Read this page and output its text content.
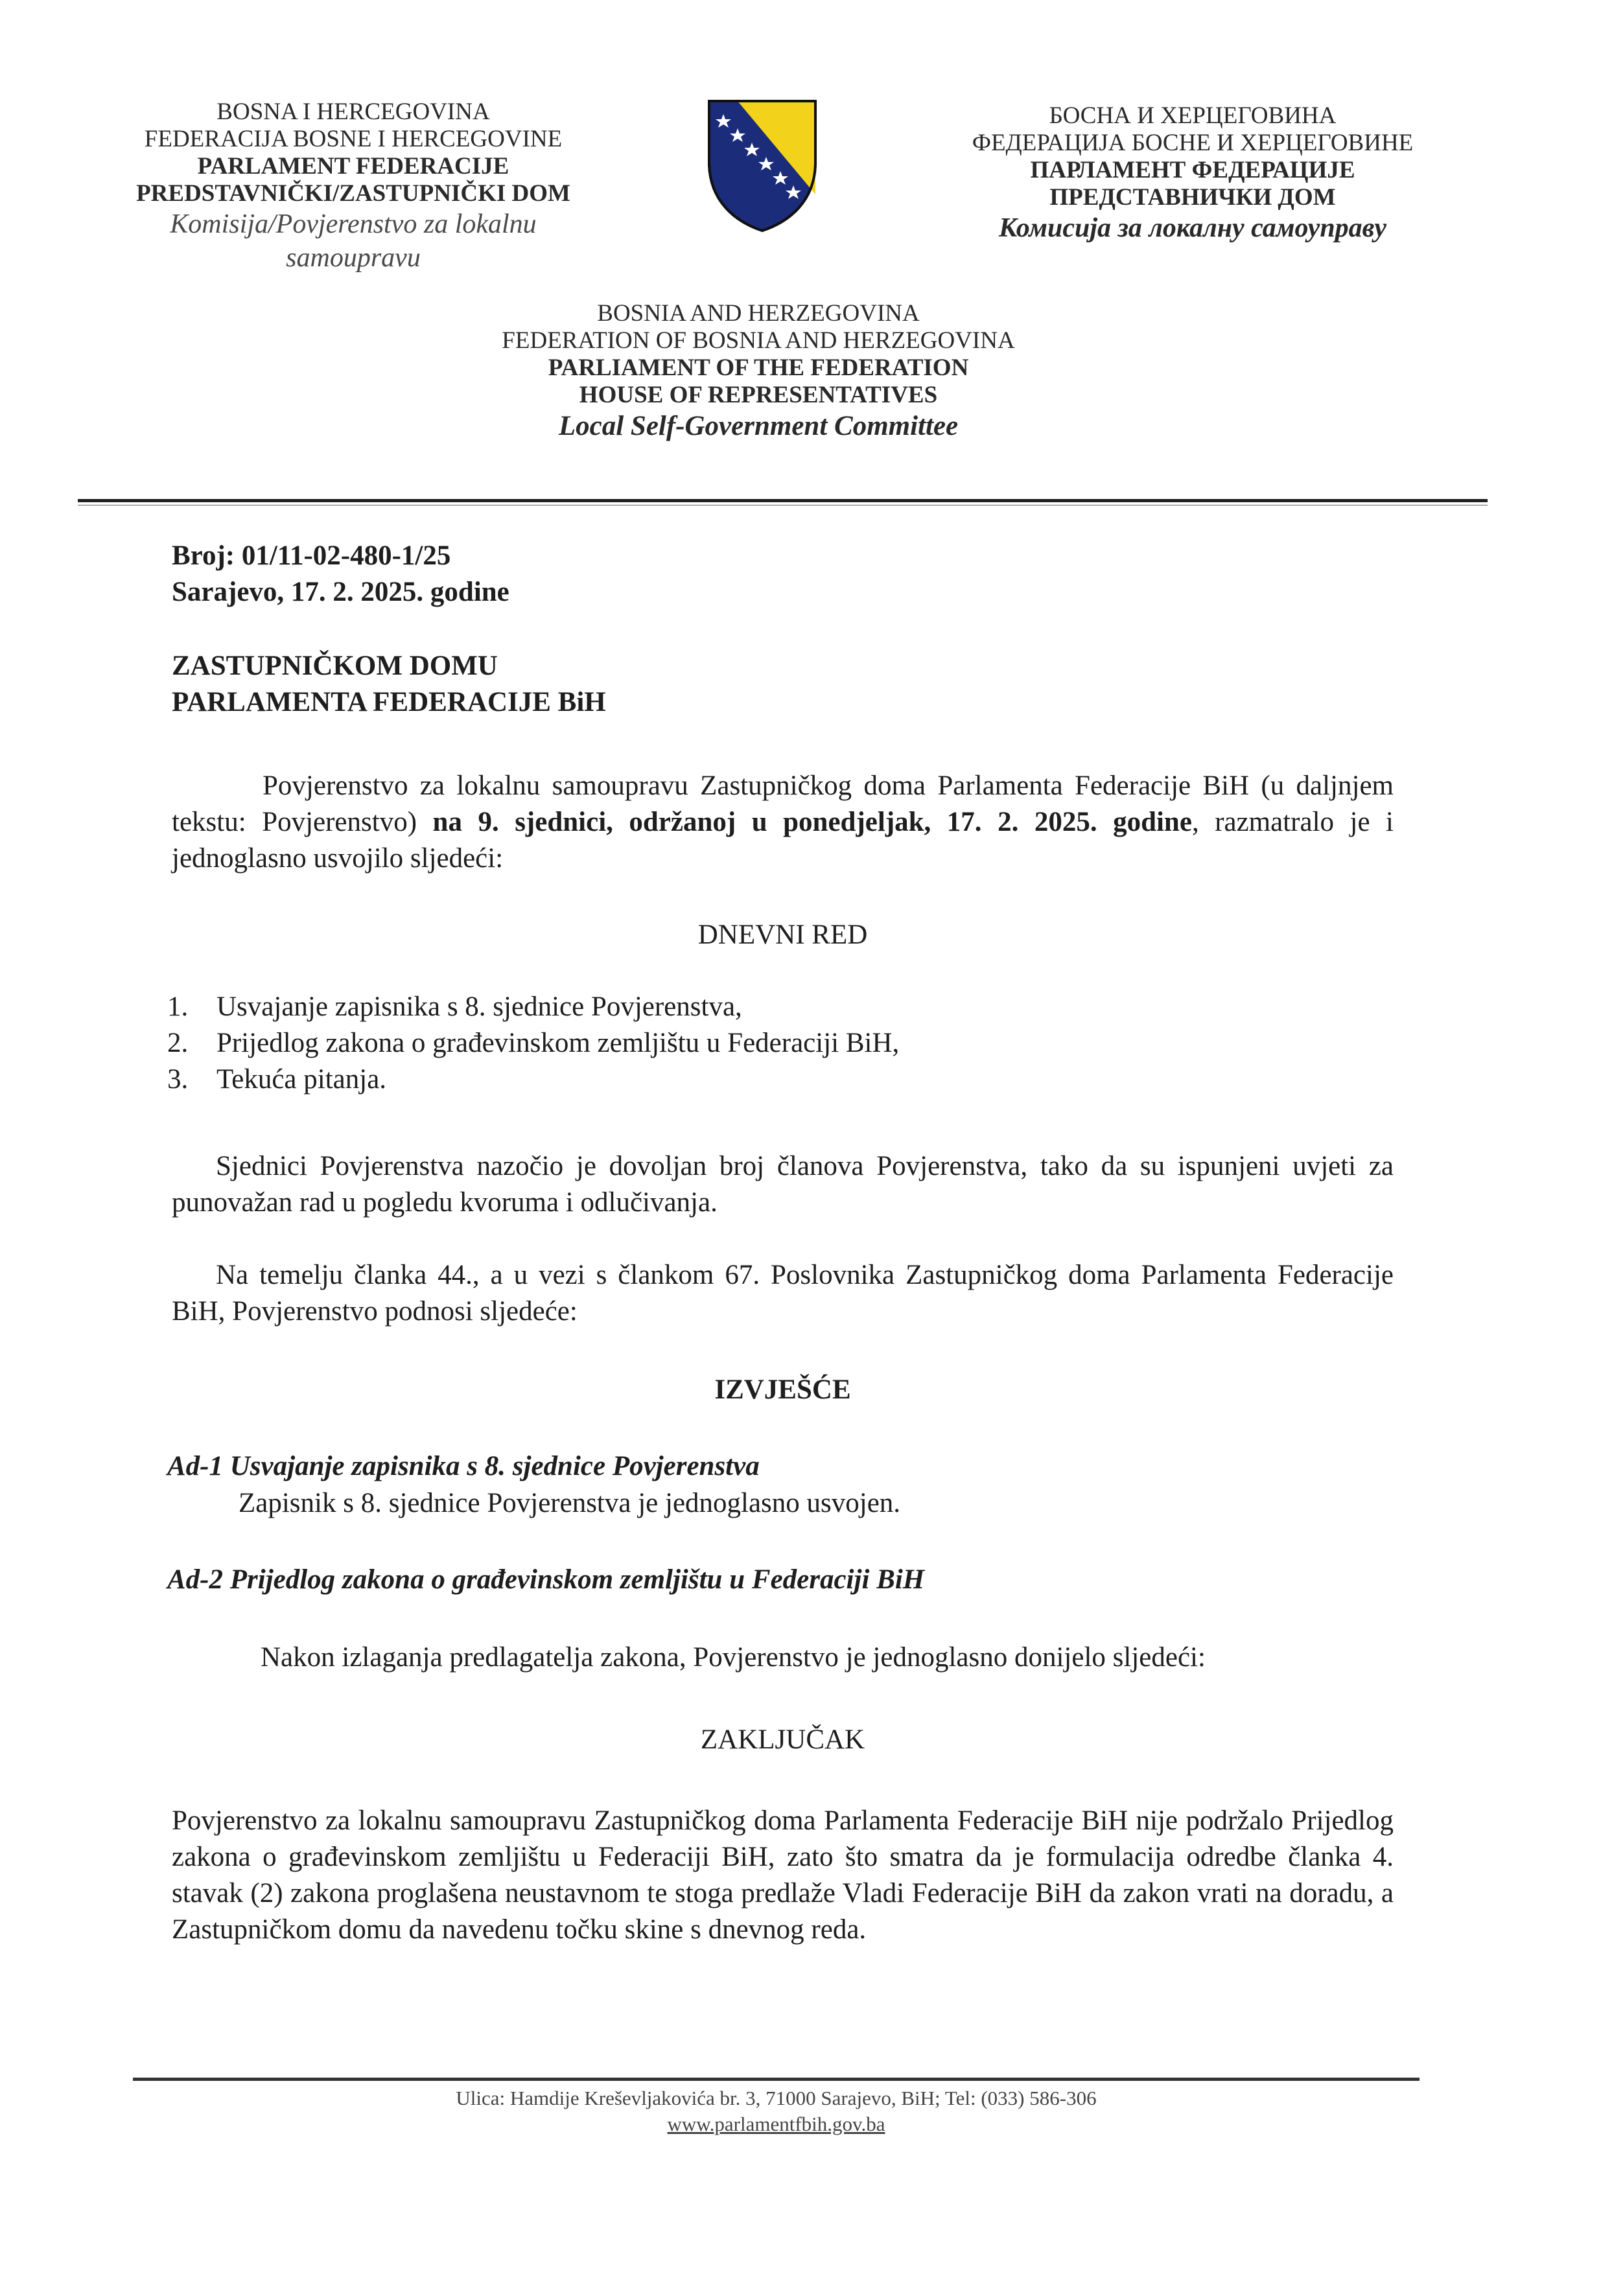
BOSNA I HERCEGOVINA
FEDERACIJA BOSNE I HERCEGOVINE
PARLAMENT FEDERACIJE
PREDSTAVNIČKI/ZASTUPNIČKI DOM
Komisija/Povjerenstvo za lokalnu
samoupravu
БОСНА И ХЕРЦЕГОВИНА
ФЕДЕРАЦИЈА БОСНЕ И ХЕРЦЕГОВИНЕ
ПАРЛАМЕНТ ФЕДЕРАЦИЈЕ
ПРЕДСТАВНИЧКИ ДОМ
Комисија за локалну самоуправу
BOSNIA AND HERZEGOVINA
FEDERATION OF BOSNIA AND HERZEGOVINA
PARLIAMENT OF THE FEDERATION
HOUSE OF REPRESENTATIVES
Local Self-Government Committee
Broj: 01/11-02-480-1/25
Sarajevo, 17. 2. 2025. godine
ZASTUPNIČKOM DOMU
PARLAMENTA FEDERACIJE BiH
Povjerenstvo za lokalnu samoupravu Zastupničkog doma Parlamenta Federacije BiH (u daljnjem tekstu: Povjerenstvo) na 9. sjednici, održanoj u ponedjeljak, 17. 2. 2025. godine, razmatralo je i jednoglasno usvojilo sljedeći:
DNEVNI RED
1.	Usvajanje zapisnika s 8. sjednice Povjerenstva,
2.	Prijedlog zakona o građevinskom zemljištu u Federaciji BiH,
3.	Tekuća pitanja.
Sjednici Povjerenstva nazočio je dovoljan broj članova Povjerenstva, tako da su ispunjeni uvjeti za punovažan rad u pogledu kvoruma i odlučivanja.
Na temelju članka 44., a u vezi s člankom 67. Poslovnika Zastupničkog doma Parlamenta Federacije BiH, Povjerenstvo podnosi sljedeće:
IZVJEŠĆE
Ad-1 Usvajanje zapisnika s 8. sjednice Povjerenstva
Zapisnik s 8. sjednice Povjerenstva je jednoglasno usvojen.
Ad-2 Prijedlog zakona o građevinskom zemljištu u Federaciji BiH
Nakon izlaganja predlagatelja zakona, Povjerenstvo je jednoglasno donijelo sljedeći:
ZAKLJUČAK
Povjerenstvo za lokalnu samoupravu Zastupničkog doma Parlamenta Federacije BiH nije podržalo Prijedlog zakona o građevinskom zemljištu u Federaciji BiH, zato što smatra da je formulacija odredbe članka 4. stavak (2) zakona proglašena neustavnom te stoga predlaže Vladi Federacije BiH da zakon vrati na doradu, a Zastupničkom domu da navedenu točku skine s dnevnog reda.
Ulica: Hamdije Kreševljakovića br. 3, 71000 Sarajevo, BiH; Tel: (033) 586-306
www.parlamentfbih.gov.ba
